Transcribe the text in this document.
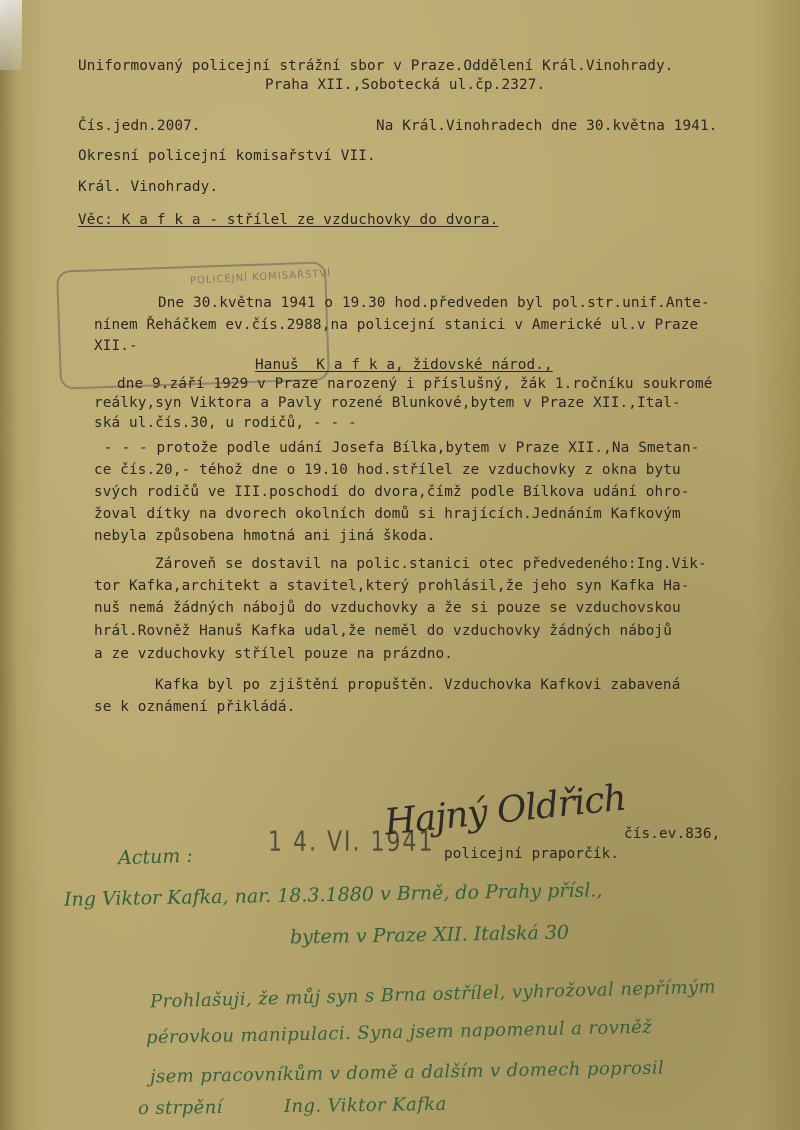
Uniformovaný policejní strážní sbor v Praze.Oddělení Král.Vinohrady.
Praha XII.,Sobotecká ul.čp.2327.
Čís.jedn.2007.	Na Král.Vinohradech dne 30.května 1941.
Okresní policejní komisařství VII.
Král. Vinohrady.
Věc: K a f k a - střílel ze vzduchovky do dvora.
POLICEJNÍ KOMISAŘSTVÍ
Dne 30.května 1941 o 19.30 hod.předveden byl pol.str.unif.Ante-
nínem Řeháčkem ev.čís.2988,na policejní stanici v Americké ul.v Praze
XII.-
Hanuš  K a f k a, židovské národ.,
dne 9.září 1929 v Praze narozený i příslušný, žák 1.ročníku soukromé
reálky,syn Viktora a Pavly rozené Blunkové,bytem v Praze XII.,Ital-
ská ul.čís.30, u rodičů, - - -
- - - protože podle udání Josefa Bílka,bytem v Praze XII.,Na Smetan-
ce čís.20,- téhož dne o 19.10 hod.střílel ze vzduchovky z okna bytu
svých rodičů ve III.poschodí do dvora,čímž podle Bílkova udání ohro-
žoval dítky na dvorech okolních domů si hrajících.Jednáním Kafkovým
nebyla způsobena hmotná ani jiná škoda.
Zároveň se dostavil na polic.stanici otec předvedeného:Ing.Vik-
tor Kafka,architekt a stavitel,který prohlásil,že jeho syn Kafka Ha-
nuš nemá žádných nábojů do vzduchovky a že si pouze se vzduchovskou
hrál.Rovněž Hanuš Kafka udal,že neměl do vzduchovky žádných nábojů
a ze vzduchovky střílel pouze na prázdno.
Kafka byl po zjištění propuštěn. Vzduchovka Kafkovi zabavená
se k oznámení přikládá.
Hajný Oldřich
čís.ev.836,
policejní praporčík.
1 4. VI. 1941
Actum :
Ing Viktor Kafka, nar. 18.3.1880 v Brně, do Prahy přísl.,
bytem v Praze XII. Italská 30
Prohlašuji, že můj syn s Brna ostřílel, vyhrožoval nepřímým
pérovkou manipulaci. Syna jsem napomenul a rovněž
jsem pracovníkům v domě a dalším v domech poprosil
o strpění          Ing. Viktor Kafka
